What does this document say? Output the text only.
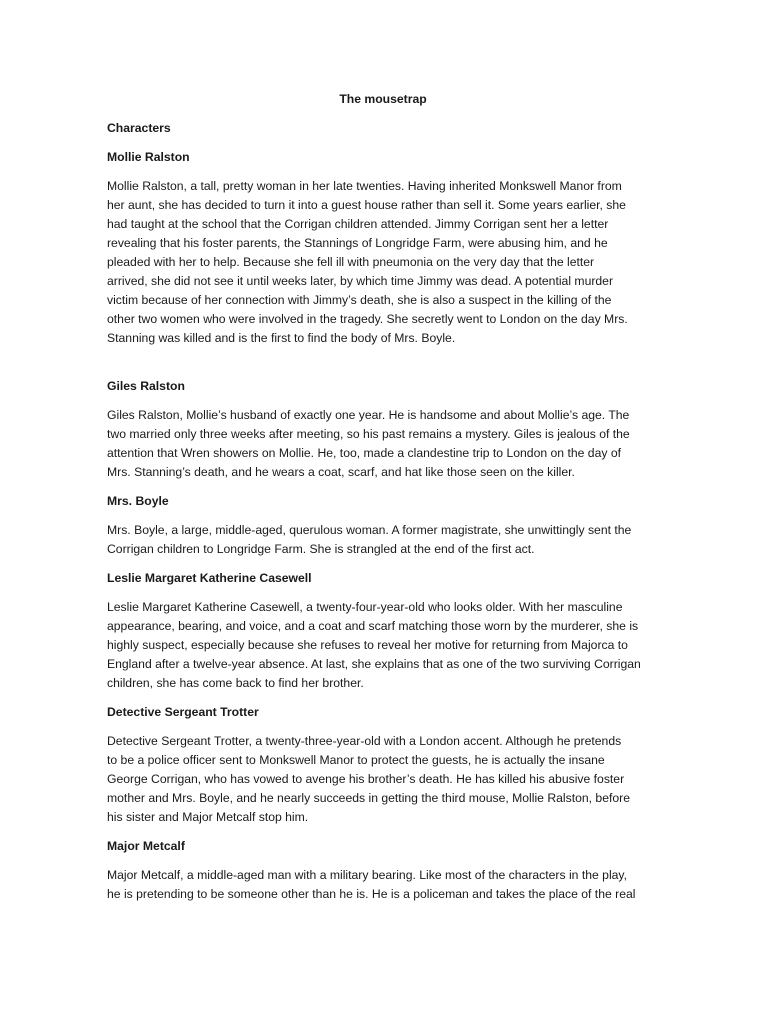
The mousetrap
Characters
Mollie Ralston
Mollie Ralston, a tall, pretty woman in her late twenties. Having inherited Monkswell Manor from
her aunt, she has decided to turn it into a guest house rather than sell it. Some years earlier, she
had taught at the school that the Corrigan children attended. Jimmy Corrigan sent her a letter
revealing that his foster parents, the Stannings of Longridge Farm, were abusing him, and he
pleaded with her to help. Because she fell ill with pneumonia on the very day that the letter
arrived, she did not see it until weeks later, by which time Jimmy was dead. A potential murder
victim because of her connection with Jimmy’s death, she is also a suspect in the killing of the
other two women who were involved in the tragedy. She secretly went to London on the day Mrs.
Stanning was killed and is the first to find the body of Mrs. Boyle.
Giles Ralston
Giles Ralston, Mollie’s husband of exactly one year. He is handsome and about Mollie’s age. The
two married only three weeks after meeting, so his past remains a mystery. Giles is jealous of the
attention that Wren showers on Mollie. He, too, made a clandestine trip to London on the day of
Mrs. Stanning’s death, and he wears a coat, scarf, and hat like those seen on the killer.
Mrs. Boyle
Mrs. Boyle, a large, middle-aged, querulous woman. A former magistrate, she unwittingly sent the
Corrigan children to Longridge Farm. She is strangled at the end of the first act.
Leslie Margaret Katherine Casewell
Leslie Margaret Katherine Casewell, a twenty-four-year-old who looks older. With her masculine
appearance, bearing, and voice, and a coat and scarf matching those worn by the murderer, she is
highly suspect, especially because she refuses to reveal her motive for returning from Majorca to
England after a twelve-year absence. At last, she explains that as one of the two surviving Corrigan
children, she has come back to find her brother.
Detective Sergeant Trotter
Detective Sergeant Trotter, a twenty-three-year-old with a London accent. Although he pretends
to be a police officer sent to Monkswell Manor to protect the guests, he is actually the insane
George Corrigan, who has vowed to avenge his brother’s death. He has killed his abusive foster
mother and Mrs. Boyle, and he nearly succeeds in getting the third mouse, Mollie Ralston, before
his sister and Major Metcalf stop him.
Major Metcalf
Major Metcalf, a middle-aged man with a military bearing. Like most of the characters in the play,
he is pretending to be someone other than he is. He is a policeman and takes the place of the real
